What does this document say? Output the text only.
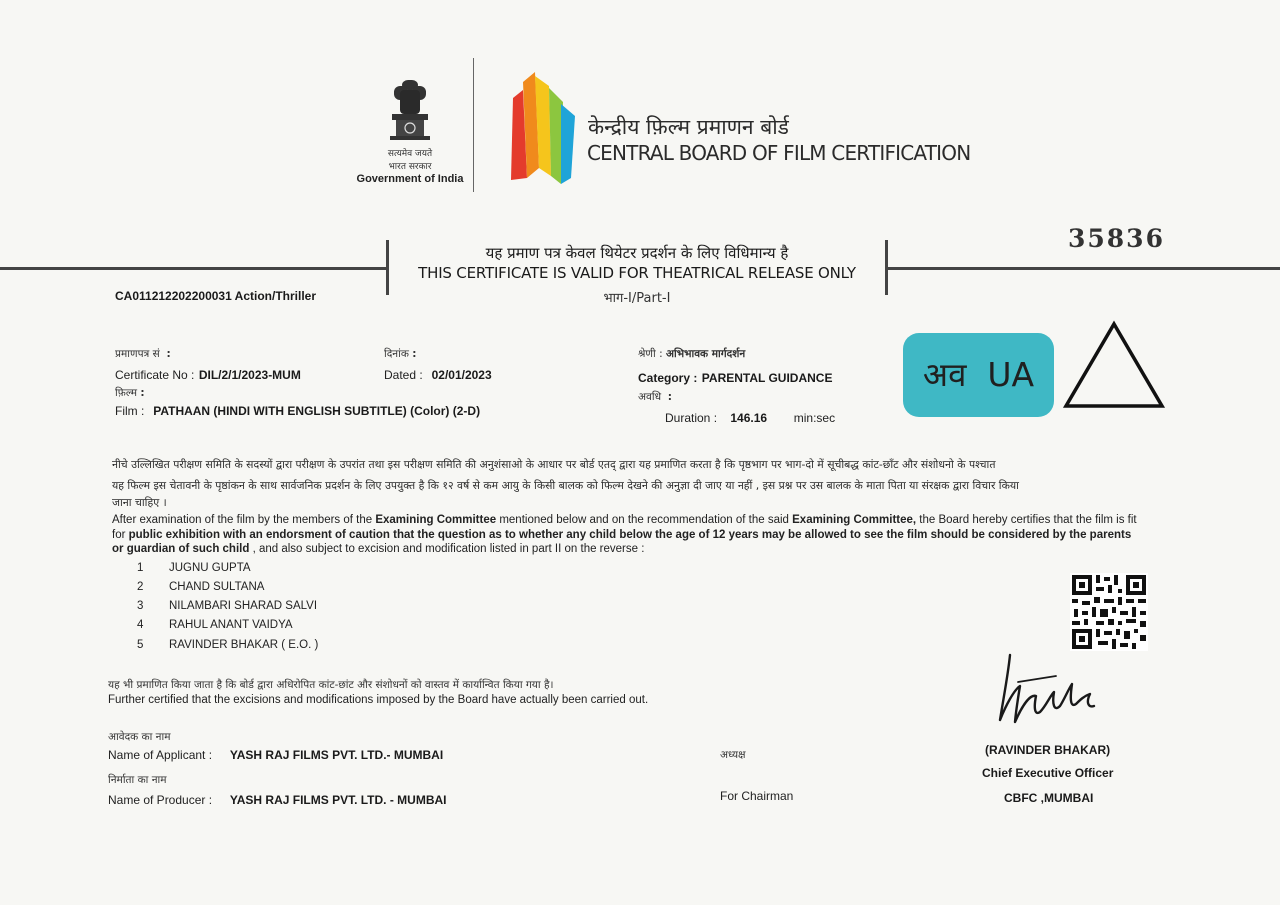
सत्यमेव जयते
भारत सरकार
Government of India
केन्द्रीय फ़िल्म प्रमाणन बोर्ड
CENTRAL BOARD OF FILM CERTIFICATION
35836
यह प्रमाण पत्र केवल थियेटर प्रदर्शन के लिए विधिमान्य है
THIS CERTIFICATE IS VALID FOR THEATRICAL RELEASE ONLY
भाग-I/Part-I
CA011212202200031 Action/Thriller
प्रमाणपत्र सं :
Certificate No : DIL/2/1/2023-MUM
दिनांक :
Dated : 02/01/2023
श्रेणी : अभिभावक मार्गदर्शन
Category : PARENTAL GUIDANCE
फ़िल्म :
Film : PATHAAN (HINDI WITH ENGLISH SUBTITLE) (Color) (2-D)
अवधि :
Duration : 146.16 min:sec
अव  UA
नीचे उल्लिखित परीक्षण समिति के सदस्यों द्वारा परीक्षण के उपरांत तथा इस परीक्षण समिति की अनुशंसाओ के आधार पर बोर्ड एतद् द्वारा यह प्रमाणित करता है कि पृष्ठभाग पर भाग-दो में सूचीबद्ध कांट-छाँट और संशोधनो के पश्चात
यह फिल्म इस चेतावनी के पृष्ठांकन के साथ सार्वजनिक प्रदर्शन के लिए उपयुक्त है कि १२ वर्ष से कम आयु के किसी बालक को फिल्म देखने की अनुज्ञा दी जाए या नहीं , इस प्रश्न पर उस बालक के माता पिता या संरक्षक द्वारा विचार किया
जाना चाहिए ।
After examination of the film by the members of the Examining Committee mentioned below and on the recommendation of the said Examining Committee, the Board hereby certifies that the film is fit for public exhibition with an endorsment of caution that the question as to whether any child below the age of 12 years may be allowed to see the film should be considered by the parents or guardian of such child , and also subject to excision and modification listed in part II on the reverse :
1 JUGNU GUPTA
2 CHAND SULTANA
3 NILAMBARI SHARAD SALVI
4 RAHUL ANANT VAIDYA
5 RAVINDER BHAKAR ( E.O. )
यह भी प्रमाणित किया जाता है कि बोर्ड द्वारा अधिरोपित कांट-छांट और संशोधनों को वास्तव में कार्यान्वित किया गया है।
Further certified that the excisions and modifications imposed by the Board have actually been carried out.
आवेदक का नाम
Name of Applicant : YASH RAJ FILMS PVT. LTD.- MUMBAI
निर्माता का नाम
Name of Producer : YASH RAJ FILMS PVT. LTD. - MUMBAI
अध्यक्ष
For Chairman
(RAVINDER BHAKAR)
Chief Executive Officer
CBFC ,MUMBAI
